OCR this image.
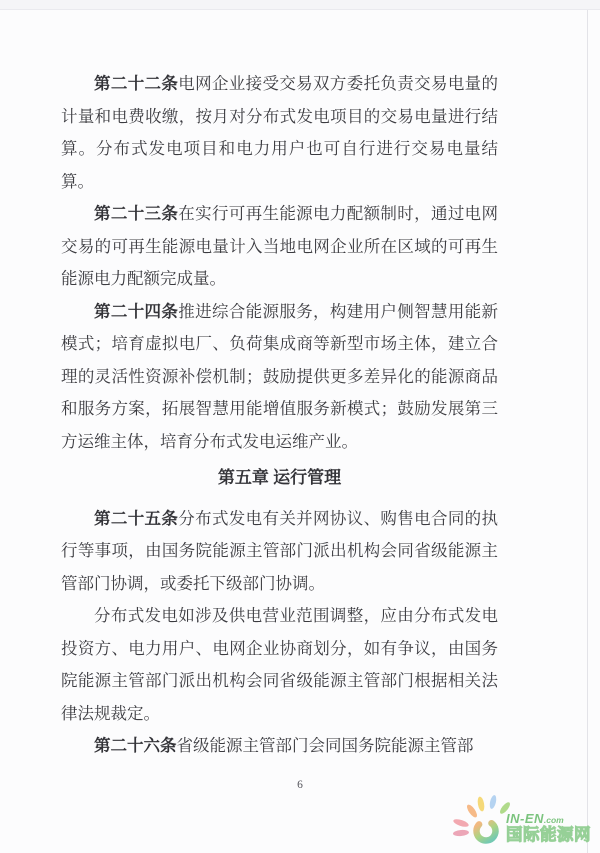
第二十二条电网企业接受交易双方委托负责交易电量的计量和电费收缴，按月对分布式发电项目的交易电量进行结算。分布式发电项目和电力用户也可自行进行交易电量结算。

第二十三条在实行可再生能源电力配额制时，通过电网交易的可再生能源电量计入当地电网企业所在区域的可再生能源电力配额完成量。

第二十四条推进综合能源服务，构建用户侧智慧用能新模式；培育虚拟电厂、负荷集成商等新型市场主体，建立合理的灵活性资源补偿机制；鼓励提供更多差异化的能源商品和服务方案，拓展智慧用能增值服务新模式；鼓励发展第三方运维主体，培育分布式发电运维产业。

第五章 运行管理

第二十五条分布式发电有关并网协议、购售电合同的执行等事项，由国务院能源主管部门派出机构会同省级能源主管部门协调，或委托下级部门协调。

分布式发电如涉及供电营业范围调整，应由分布式发电投资方、电力用户、电网企业协商划分，如有争议，由国务院能源主管部门派出机构会同省级能源主管部门根据相关法律法规裁定。

第二十六条省级能源主管部门会同国务院能源主管部

6
IN-EN.com
国际能源网
